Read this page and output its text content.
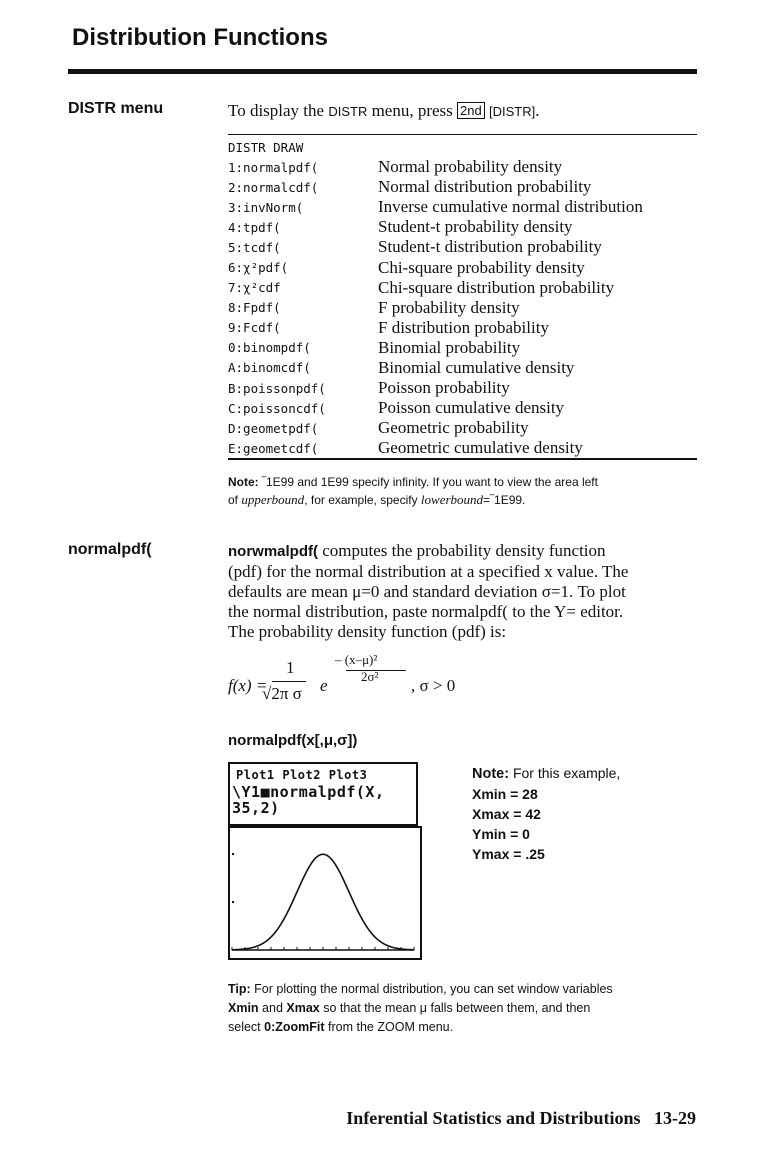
Distribution Functions
DISTR menu	To display the DISTR menu, press 2nd [DISTR].
DISTR DRAW
1:normalpdf(	Normal probability density
2:normalcdf(	Normal distribution probability
3:invNorm(	Inverse cumulative normal distribution
4:tpdf(	Student-t probability density
5:tcdf(	Student-t distribution probability
6:χ²pdf(	Chi-square probability density
7:χ²cdf	Chi-square distribution probability
8:Fpdf(	F probability density
9:Fcdf(	F distribution probability
0:binompdf(	Binomial probability
A:binomcdf(	Binomial cumulative density
B:poissonpdf(	Poisson probability
C:poissoncdf(	Poisson cumulative density
D:geometpdf(	Geometric probability
E:geometcdf(	Geometric cumulative density
Note: ‾1E99 and 1E99 specify infinity. If you want to view the area left
of upperbound, for example, specify lowerbound=‾1E99.
normalpdf(	norwmalpdf( computes the probability density function
(pdf) for the normal distribution at a specified x value. The
defaults are mean μ=0 and standard deviation σ=1. To plot
the normal distribution, paste normalpdf( to the Y= editor.
The probability density function (pdf) is:
f(x) =
1
√2π σ e
– (x–μ)²
2σ² , σ > 0
normalpdf(x[,μ,σ])
Plot1 Plot2 Plot3
\Y1■normalpdf(X,
35,2)
Note: For this example,
Xmin = 28
Xmax = 42
Ymin = 0
Ymax = .25
Tip: For plotting the normal distribution, you can set window variables
Xmin and Xmax so that the mean μ falls between them, and then
select 0:ZoomFit from the ZOOM menu.
Inferential Statistics and Distributions 13-29
